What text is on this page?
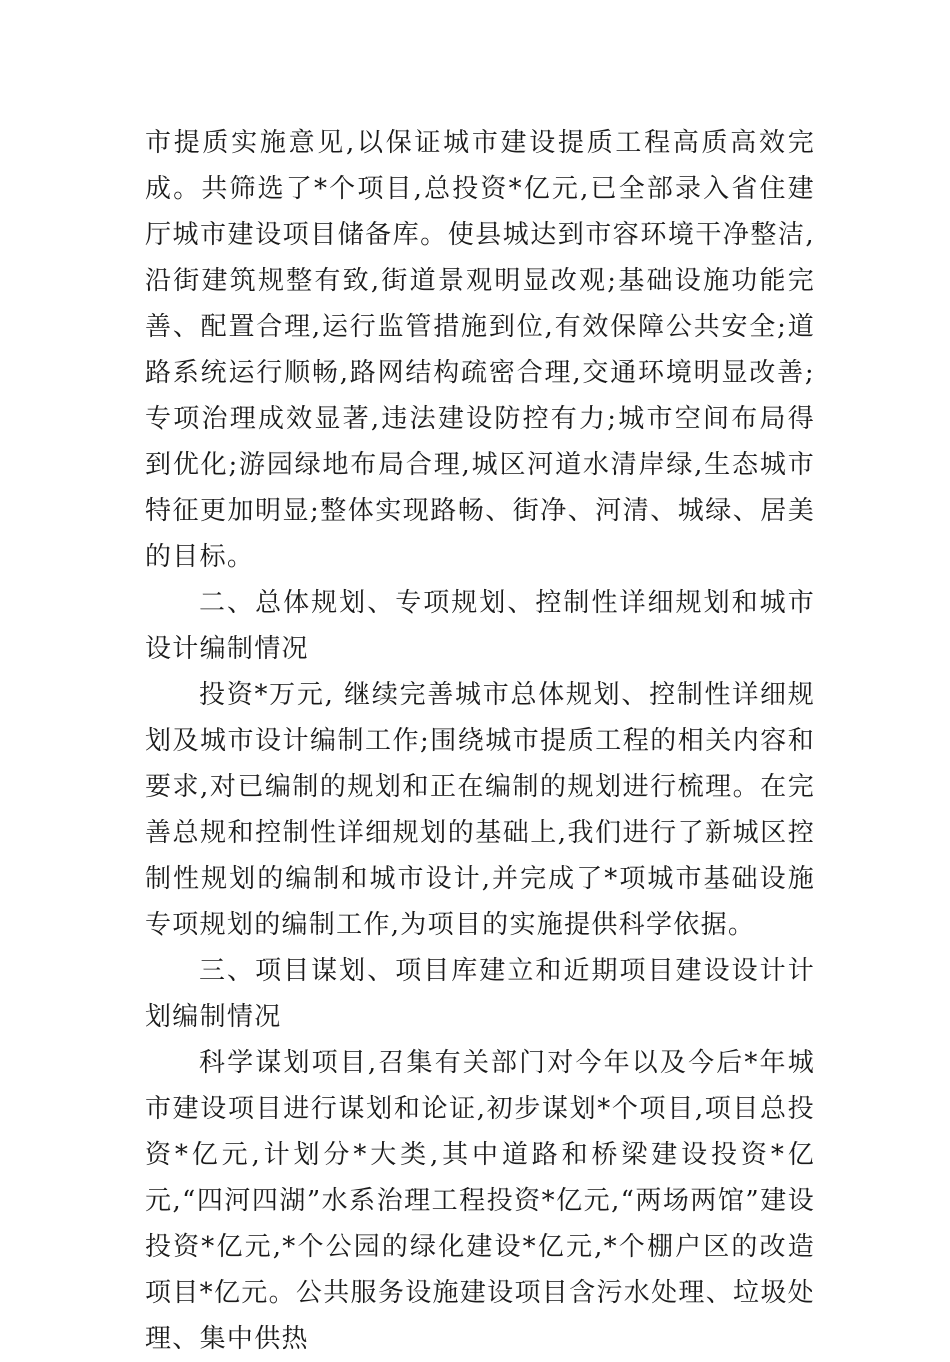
市提质实施意见,以保证城市建设提质工程高质高效完成。共筛选了*个项目,总投资*亿元,已全部录入省住建厅城市建设项目储备库。使县城达到市容环境干净整洁,沿街建筑规整有致,街道景观明显改观;基础设施功能完善、配置合理,运行监管措施到位,有效保障公共安全;道路系统运行顺畅,路网结构疏密合理,交通环境明显改善;专项治理成效显著,违法建设防控有力;城市空间布局得到优化;游园绿地布局合理,城区河道水清岸绿,生态城市特征更加明显;整体实现路畅、街净、河清、城绿、居美的目标。

二、总体规划、专项规划、控制性详细规划和城市设计编制情况

投资*万元, 继续完善城市总体规划、控制性详细规划及城市设计编制工作;围绕城市提质工程的相关内容和要求,对已编制的规划和正在编制的规划进行梳理。在完善总规和控制性详细规划的基础上,我们进行了新城区控制性规划的编制和城市设计,并完成了*项城市基础设施专项规划的编制工作,为项目的实施提供科学依据。

三、项目谋划、项目库建立和近期项目建设设计计划编制情况

科学谋划项目,召集有关部门对今年以及今后*年城市建设项目进行谋划和论证,初步谋划*个项目,项目总投资*亿元,计划分*大类,其中道路和桥梁建设投资*亿元,“四河四湖”水系治理工程投资*亿元,“两场两馆”建设投资*亿元,*个公园的绿化建设*亿元,*个棚户区的改造项目*亿元。公共服务设施建设项目含污水处理、垃圾处理、集中供热
